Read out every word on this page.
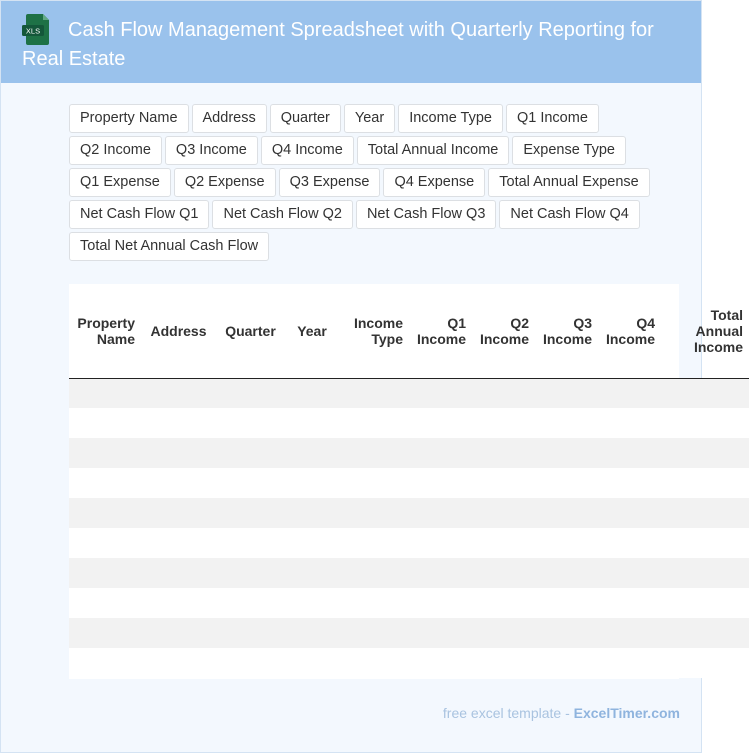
XLS	Cash Flow Management Spreadsheet with Quarterly Reporting for Real Estate
Property Name	Address	Quarter	Year	Income Type	Q1 Income
Q2 Income	Q3 Income	Q4 Income	Total Annual Income	Expense Type
Q1 Expense	Q2 Expense	Q3 Expense	Q4 Expense	Total Annual Expense
Net Cash Flow Q1	Net Cash Flow Q2	Net Cash Flow Q3	Net Cash Flow Q4
Total Net Annual Cash Flow
Property Name	Address	Quarter	Year	Income Type	Q1 Income	Q2 Income	Q3 Income	Q4 Income	Total Annual Income

free excel template - ExcelTimer.com
